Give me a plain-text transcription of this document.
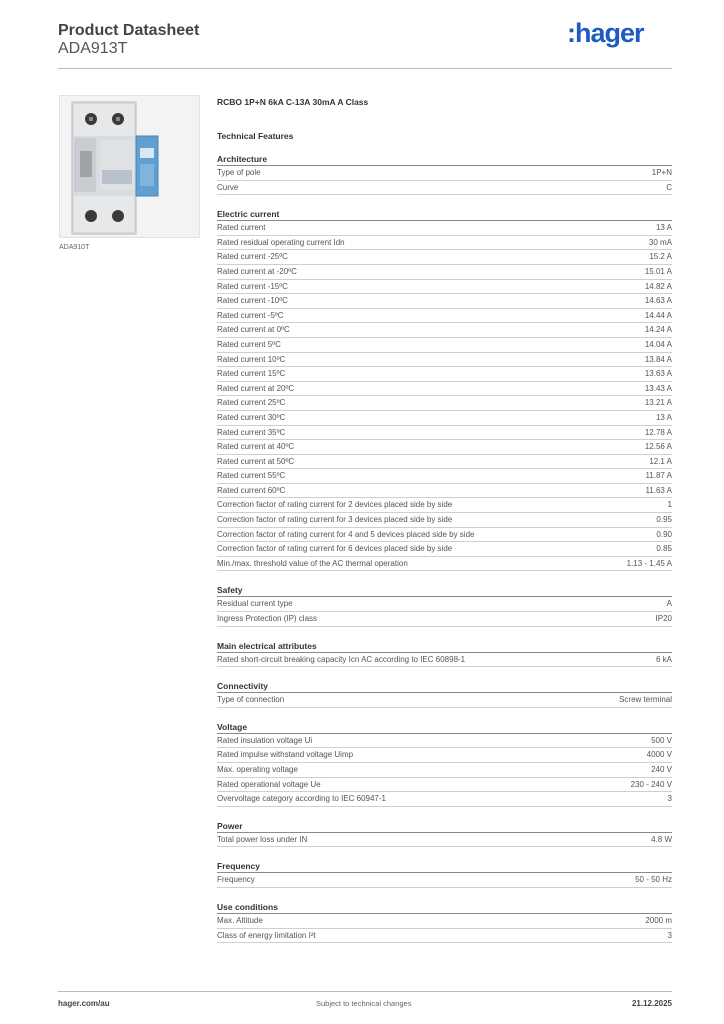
Product Datasheet
ADA913T
:hager
ADA910T
RCBO 1P+N 6kA C-13A 30mA A Class
Technical Features
Architecture
Type of pole	1P+N
Curve	C
Electric current
Rated current	13 A
Rated residual operating current Idn	30 mA
Rated current -25ºC	15.2 A
Rated current at -20ºC	15.01 A
Rated current -15ºC	14.82 A
Rated current -10ºC	14.63 A
Rated current -5ºC	14.44 A
Rated current at 0ºC	14.24 A
Rated current 5ºC	14.04 A
Rated current 10ºC	13.84 A
Rated current 15ºC	13.63 A
Rated current at 20ºC	13.43 A
Rated current 25ºC	13.21 A
Rated current 30ºC	13 A
Rated current 35ºC	12.78 A
Rated current at 40ºC	12.56 A
Rated current at 50ºC	12.1 A
Rated current 55ºC	11.87 A
Rated current 60ºC	11.63 A
Correction factor of rating current for 2 devices placed side by side	1
Correction factor of rating current for 3 devices placed side by side	0.95
Correction factor of rating current for 4 and 5 devices placed side by side	0.90
Correction factor of rating current for 6 devices placed side by side	0.85
Min./max. threshold value of the AC thermal operation	1.13 - 1.45 A
Safety
Residual current type	A
Ingress Protection (IP) class	IP20
Main electrical attributes
Rated short-circuit breaking capacity Icn AC according to IEC 60898-1	6 kA
Connectivity
Type of connection	Screw terminal
Voltage
Rated insulation voltage Ui	500 V
Rated impulse withstand voltage Uimp	4000 V
Max. operating voltage	240 V
Rated operational voltage Ue	230 - 240 V
Overvoltage category according to IEC 60947-1	3
Power
Total power loss under IN	4.8 W
Frequency
Frequency	50 - 50 Hz
Use conditions
Max. Altitude	2000 m
Class of energy limitation I²t	3
hager.com/au	Subject to technical changes	21.12.2025
